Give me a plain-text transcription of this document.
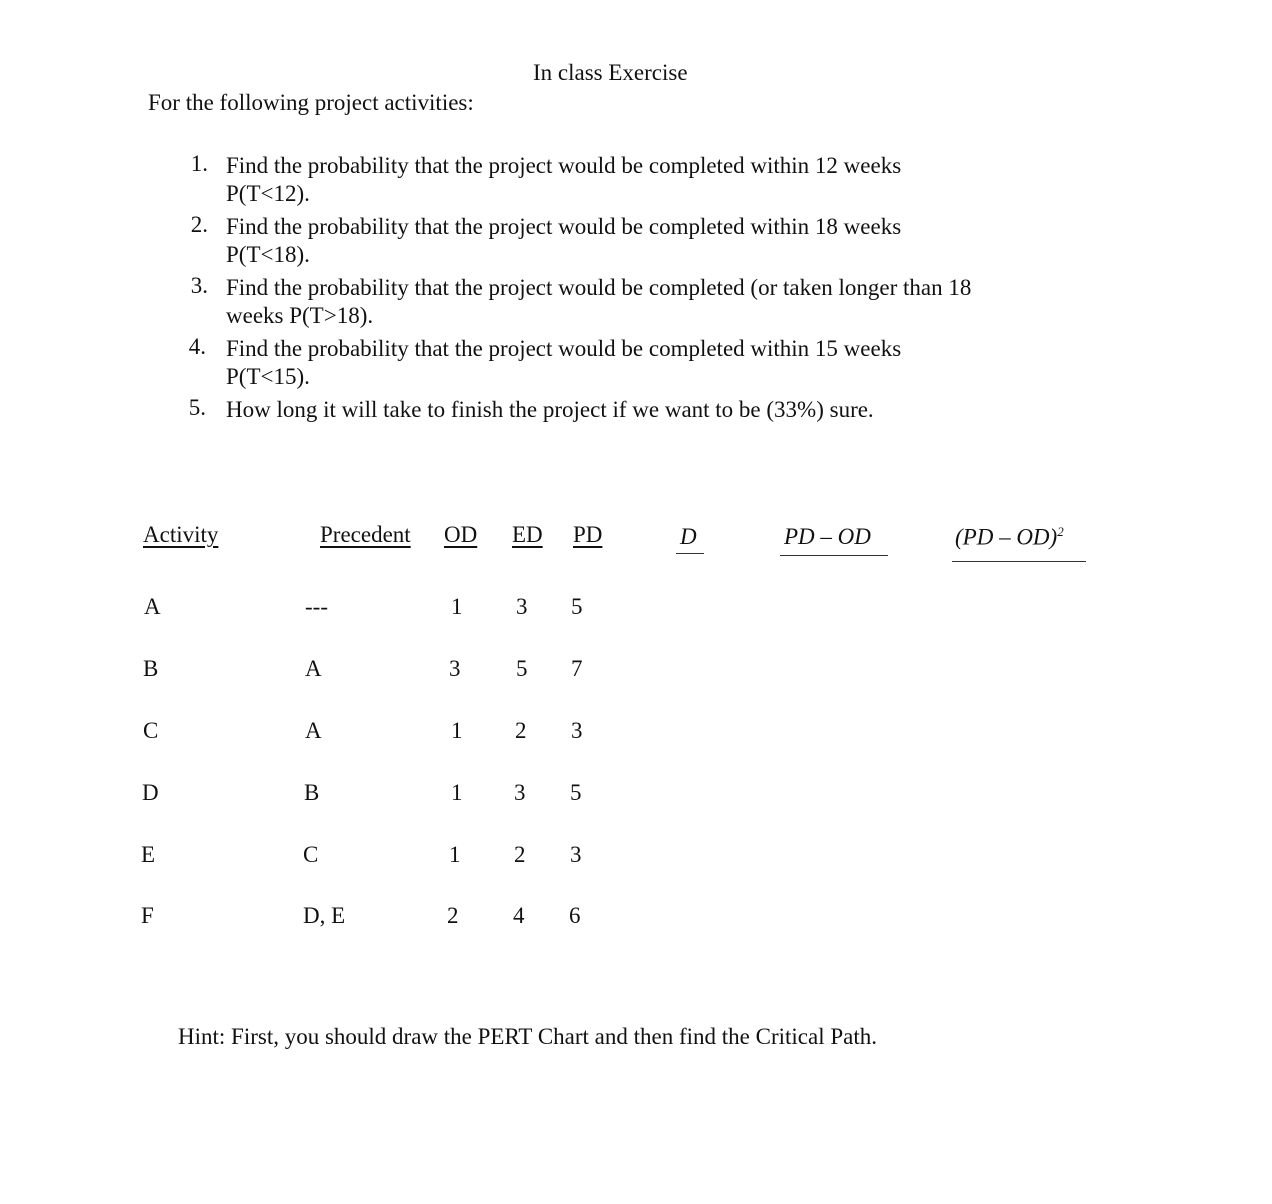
In class Exercise
For the following project activities:
1. Find the probability that the project would be completed within 12 weeks
P(T<12).
2. Find the probability that the project would be completed within 18 weeks
P(T<18).
3. Find the probability that the project would be completed (or taken longer than 18
weeks P(T>18).
4. Find the probability that the project would be completed within 15 weeks
P(T<15).
5. How long it will take to finish the project if we want to be (33%) sure.
Activity	Precedent OD ED PD	D	PD – OD	(PD – OD)$^2$
A	---	1 3 5
B	A	3 5 7
C	A	1 2 3
D	B	1 3 5
E	C	1 2 3
F	D, E	2 4 6
Hint: First, you should draw the PERT Chart and then find the Critical Path.
